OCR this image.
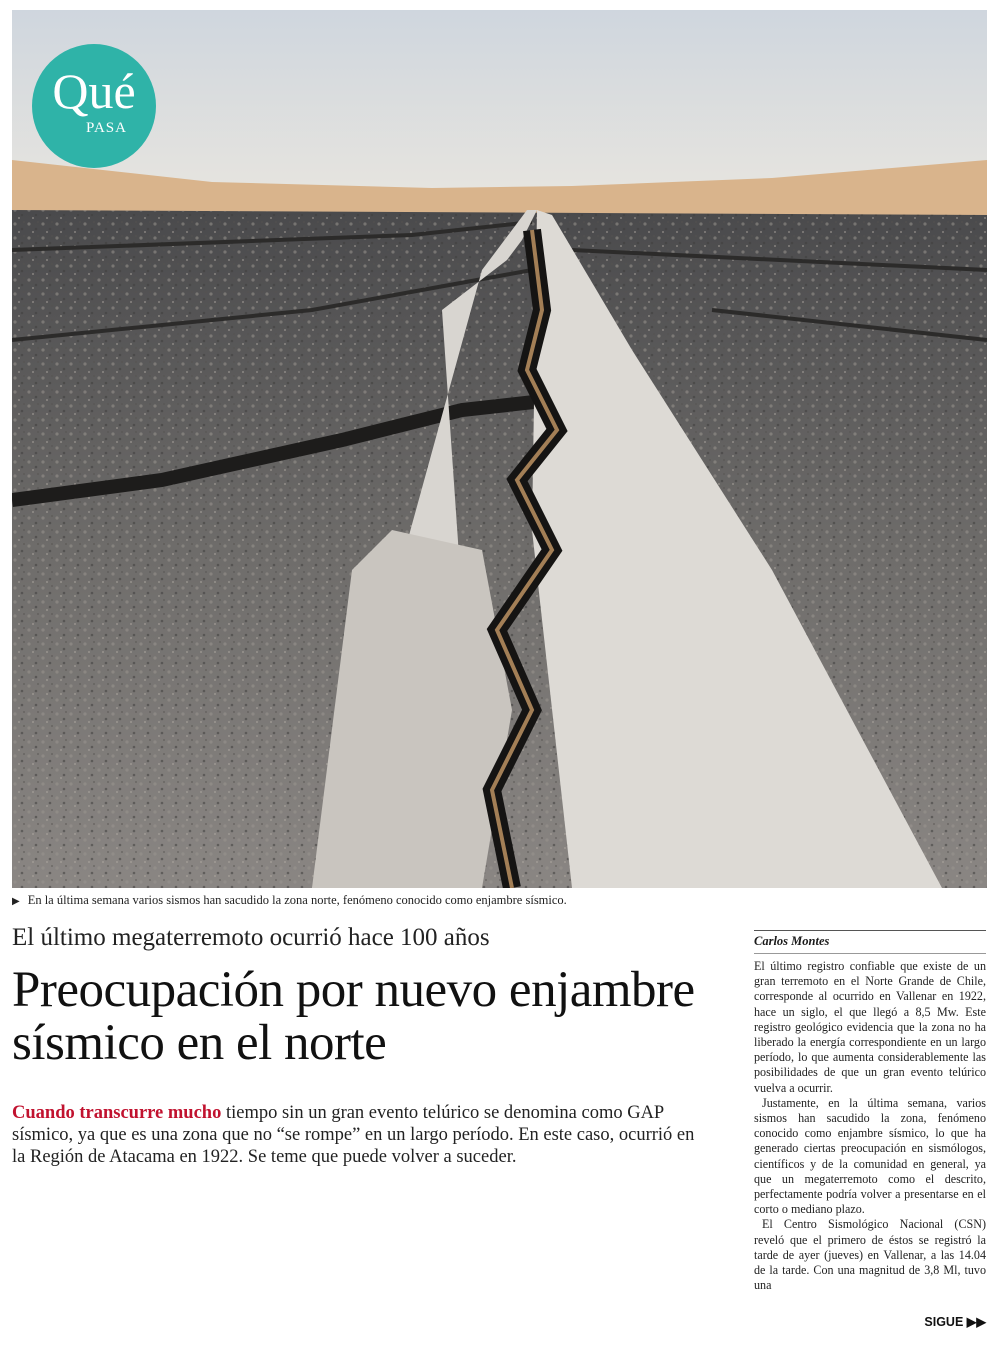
Qué
PASA
▶ En la última semana varios sismos han sacudido la zona norte, fenómeno conocido como enjambre sísmico.
El último megaterremoto ocurrió hace 100 años
Preocupación por nuevo enjambre sísmico en el norte
Cuando transcurre mucho tiempo sin un gran evento telúrico se denomina como GAP sísmico, ya que es una zona que no “se rompe” en un largo período. En este caso, ocurrió en la Región de Atacama en 1922. Se teme que puede volver a suceder.
Carlos Montes

El último registro confiable que existe de un gran terremoto en el Norte Grande de Chile, corresponde al ocurrido en Vallenar en 1922, hace un siglo, el que llegó a 8,5 Mw. Este registro geológico evidencia que la zona no ha liberado la energía correspondiente en un largo período, lo que aumenta considerablemente las posibilidades de que un gran evento telúrico vuelva a ocurrir.

Justamente, en la última semana, varios sismos han sacudido la zona, fenómeno conocido como enjambre sísmico, lo que ha generado ciertas preocupación en sismólogos, científicos y de la comunidad en general, ya que un megaterremoto como el descrito, perfectamente podría volver a presentarse en el corto o mediano plazo.

El Centro Sismológico Nacional (CSN) reveló que el primero de éstos se registró la tarde de ayer (jueves) en Vallenar, a las 14.04 de la tarde. Con una magnitud de 3,8 Ml, tuvo una

SIGUE ▶▶
